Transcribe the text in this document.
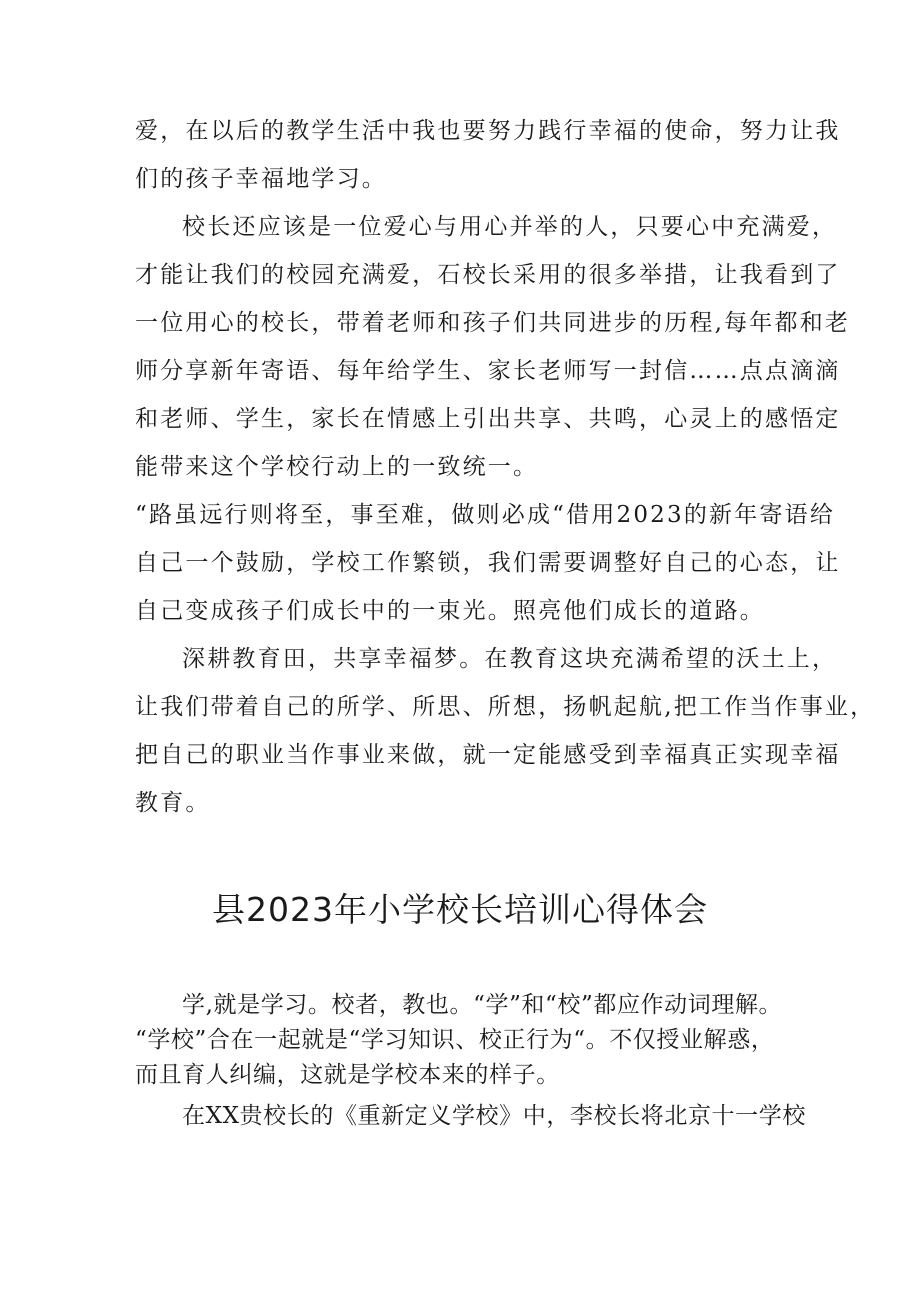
爱，在以后的教学生活中我也要努力践行幸福的使命，努力让我
们的孩子幸福地学习。
校长还应该是一位爱心与用心并举的人，只要心中充满爱，
才能让我们的校园充满爱，石校长采用的很多举措，让我看到了
一位用心的校长，带着老师和孩子们共同进步的历程,每年都和老
师分享新年寄语、每年给学生、家长老师写一封信……点点滴滴
和老师、学生，家长在情感上引出共享、共鸣，心灵上的感悟定
能带来这个学校行动上的一致统一。
“路虽远行则将至，事至难，做则必成“借用2023的新年寄语给
自己一个鼓励，学校工作繁锁，我们需要调整好自己的心态，让
自己变成孩子们成长中的一束光。照亮他们成长的道路。
深耕教育田，共享幸福梦。在教育这块充满希望的沃土上，
让我们带着自己的所学、所思、所想，扬帆起航,把工作当作事业，
把自己的职业当作事业来做，就一定能感受到幸福真正实现幸福
教育。
县2023年小学校长培训心得体会
学,就是学习。校者，教也。“学”和“校”都应作动词理解。
“学校”合在一起就是“学习知识、校正行为“。不仅授业解惑，
而且育人纠编，这就是学校本来的样子。
在XX贵校长的《重新定义学校》中，李校长将北京十一学校
